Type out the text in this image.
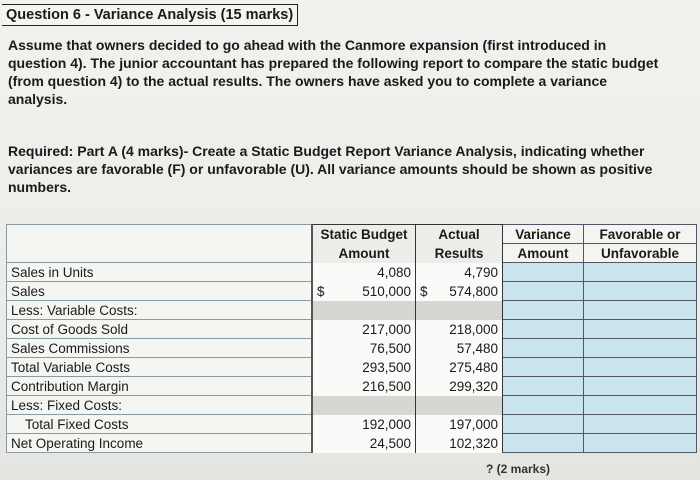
Question 6 - Variance Analysis (15 marks)
Assume that owners decided to go ahead with the Canmore expansion (first introduced in question 4). The junior accountant has prepared the following report to compare the static budget (from question 4) to the actual results. The owners have asked you to complete a variance analysis.
Required: Part A (4 marks)- Create a Static Budget Report Variance Analysis, indicating whether variances are favorable (F) or unfavorable (U). All variance amounts should be shown as positive numbers.
	Static Budget	Actual	Variance	Favorable or
	Amount	Results	Amount	Unfavorable
Sales in Units	4,080	4,790		
Sales	$ 510,000	$ 574,800		
Less: Variable Costs:				
Cost of Goods Sold	217,000	218,000		
Sales Commissions	76,500	57,480		
Total Variable Costs	293,500	275,480		
Contribution Margin	216,500	299,320		
Less: Fixed Costs:				
Total Fixed Costs	192,000	197,000		
Net Operating Income	24,500	102,320		
? (2 marks)
